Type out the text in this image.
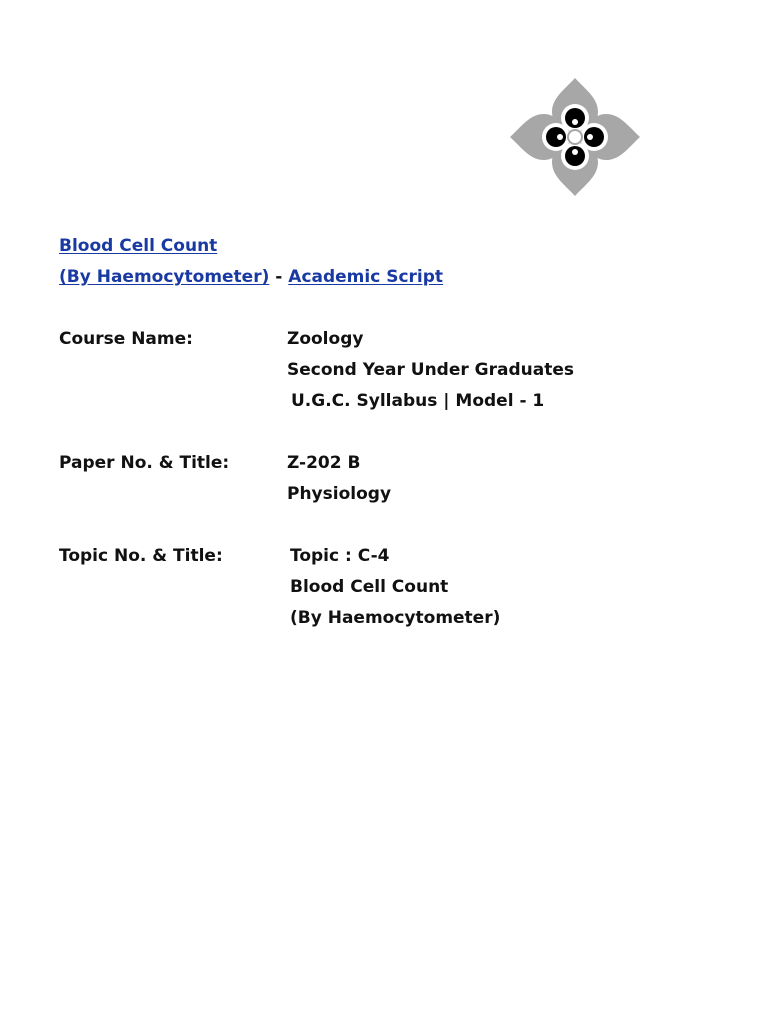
Blood Cell Count
(By Haemocytometer) - Academic Script
Course Name:	Zoology
Second Year Under Graduates
U.G.C. Syllabus | Model - 1
Paper No. & Title:	Z-202 B
Physiology
Topic No. & Title:	Topic : C-4
Blood Cell Count
(By Haemocytometer)
